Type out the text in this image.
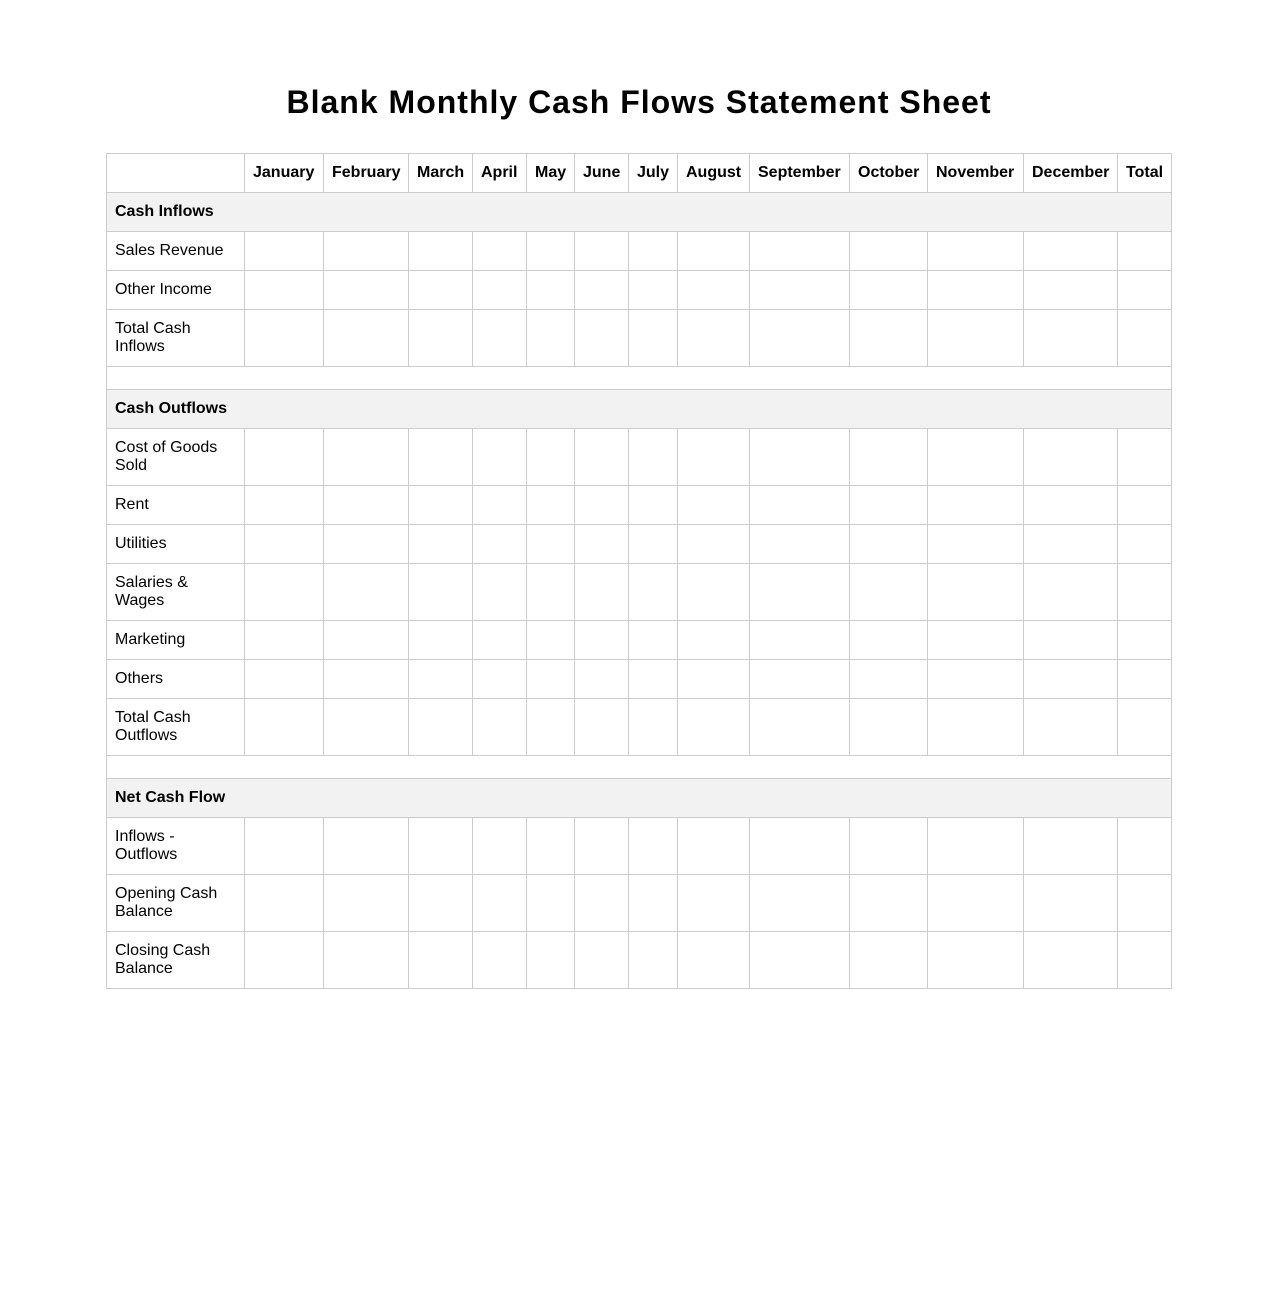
Blank Monthly Cash Flows Statement Sheet
	January	February	March	April	May	June	July	August	September	October	November	December	Total
Cash Inflows													
Sales Revenue													
Other Income													
Total Cash Inflows													

Cash Outflows													
Cost of Goods Sold													
Rent													
Utilities													
Salaries & Wages													
Marketing													
Others													
Total Cash Outflows													

Net Cash Flow													
Inflows - Outflows													
Opening Cash Balance													
Closing Cash Balance													
